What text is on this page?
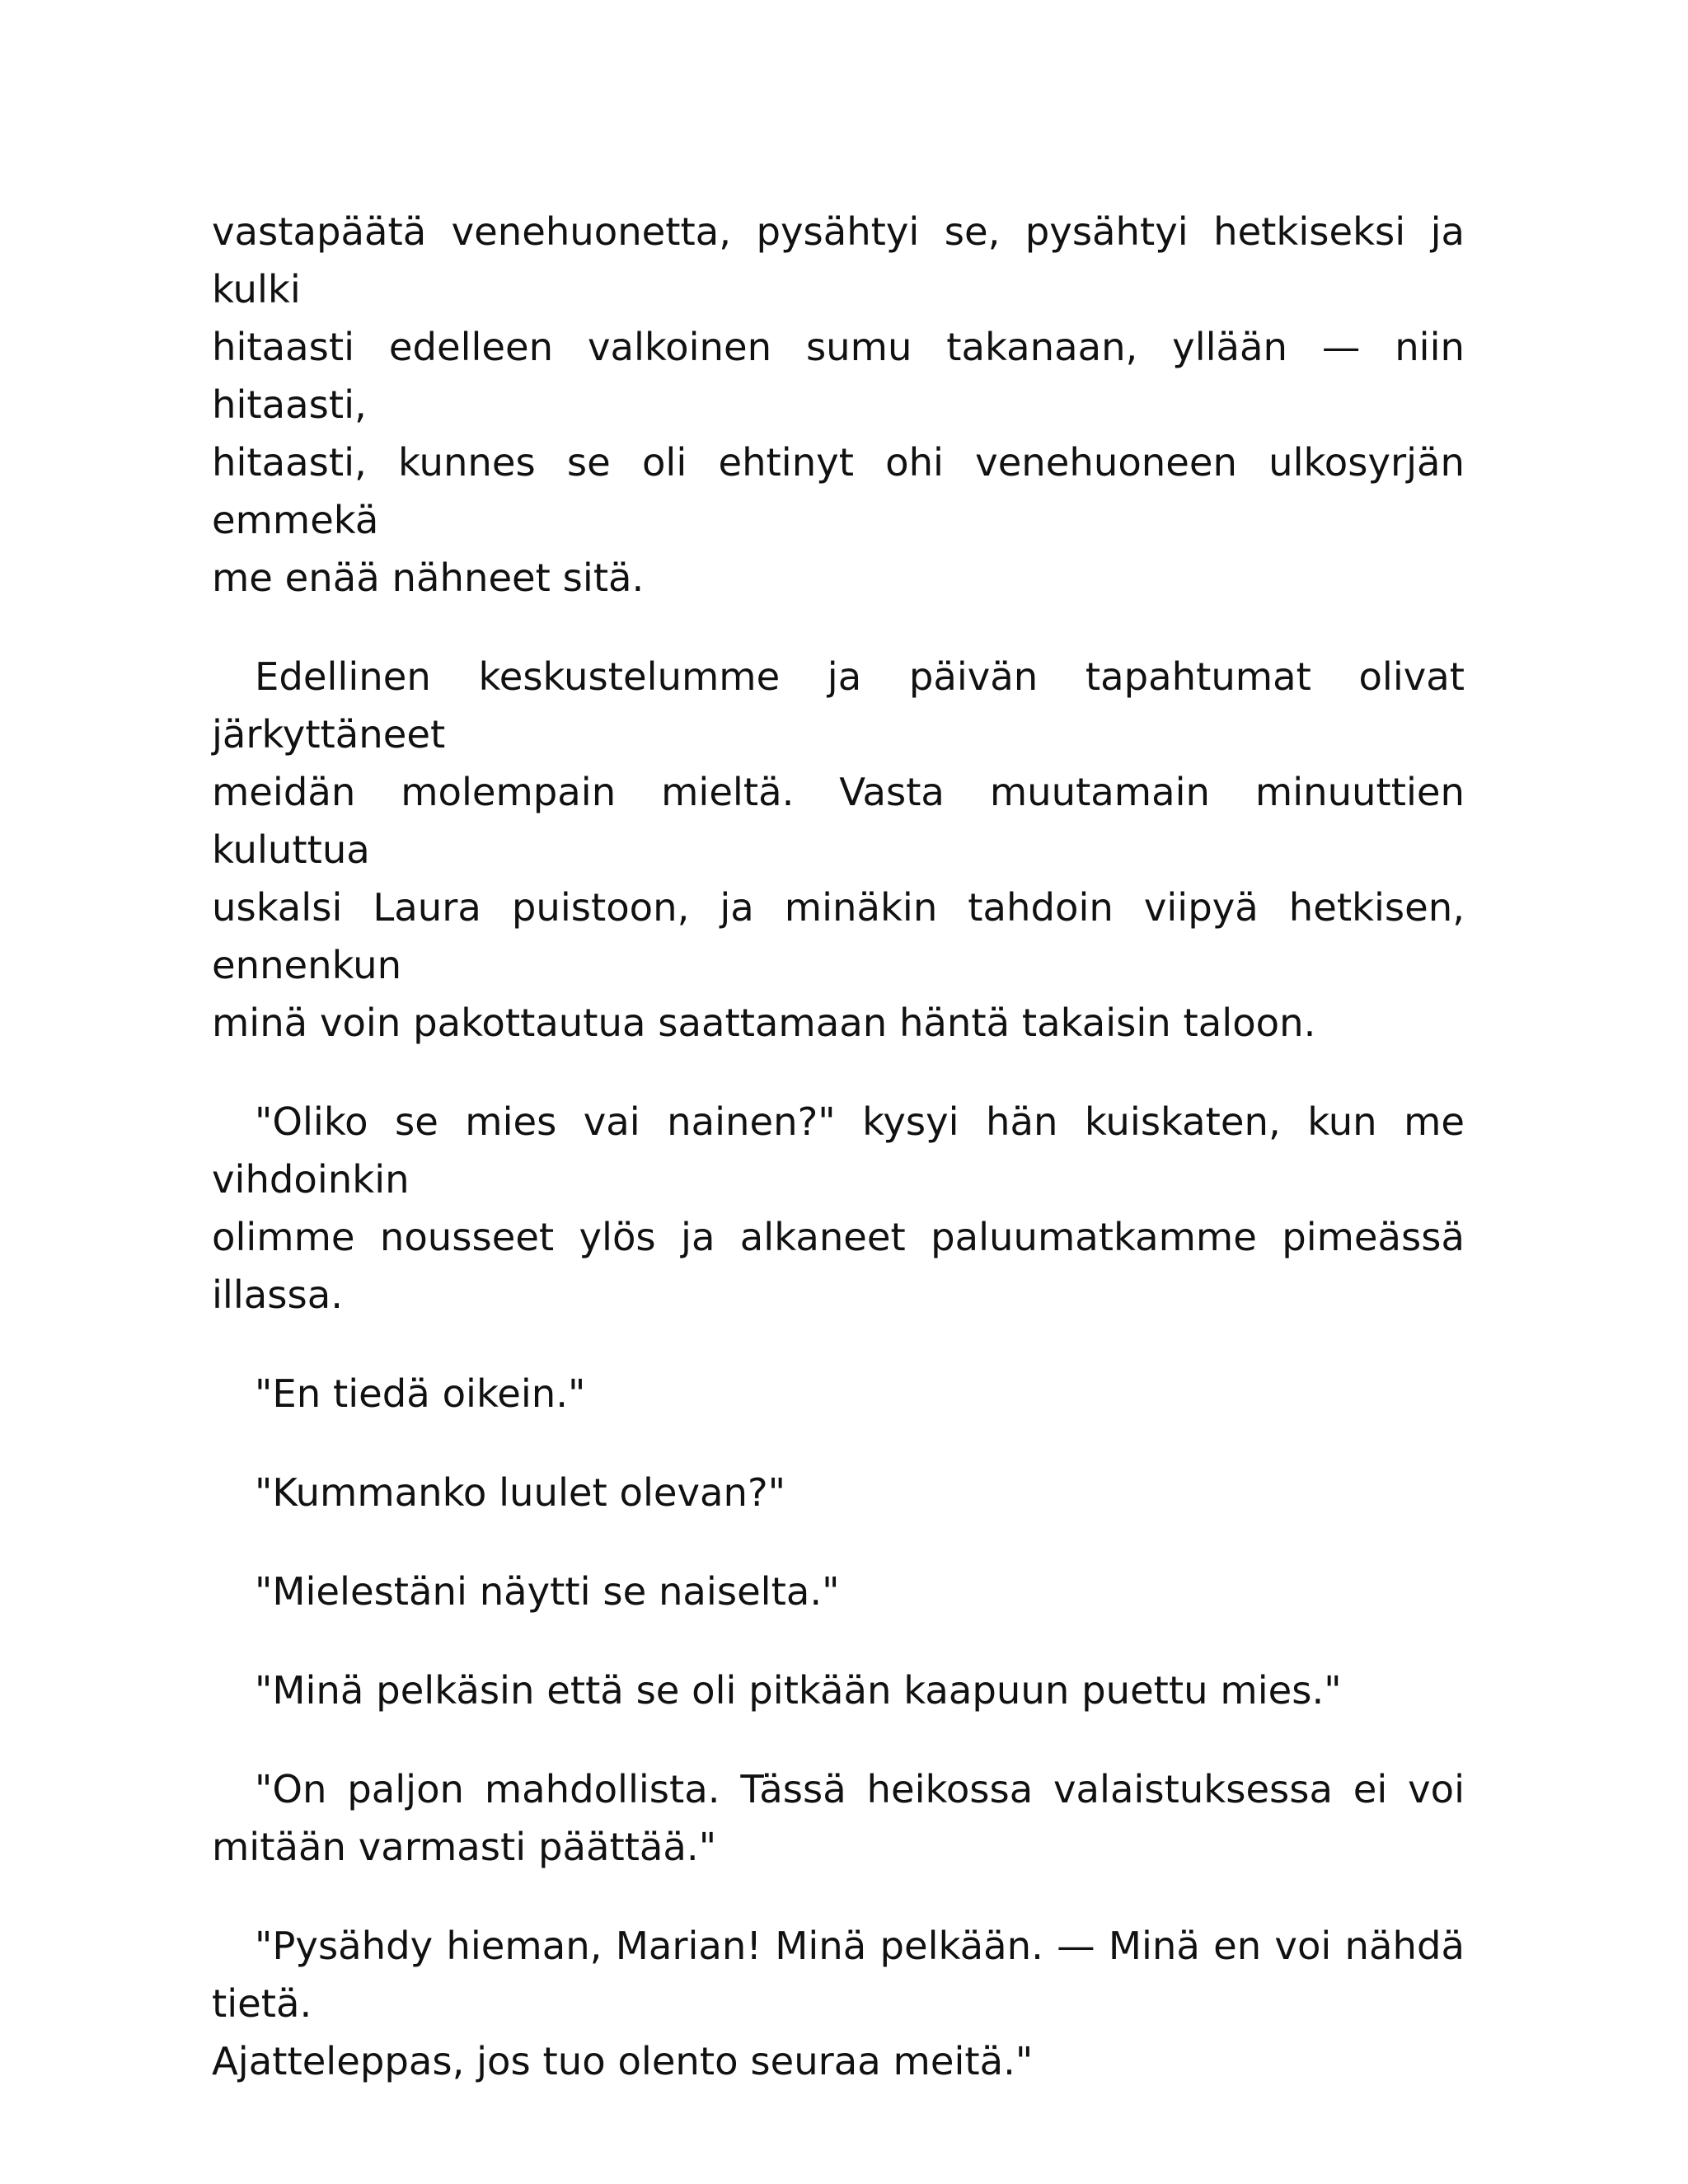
vastapäätä venehuonetta, pysähtyi se, pysähtyi hetkiseksi ja kulki
hitaasti edelleen valkoinen sumu takanaan, yllään — niin hitaasti,
hitaasti, kunnes se oli ehtinyt ohi venehuoneen ulkosyrjän emmekä
me enää nähneet sitä.

Edellinen keskustelumme ja päivän tapahtumat olivat järkyttäneet
meidän molempain mieltä. Vasta muutamain minuuttien kuluttua
uskalsi Laura puistoon, ja minäkin tahdoin viipyä hetkisen, ennenkun
minä voin pakottautua saattamaan häntä takaisin taloon.

"Oliko se mies vai nainen?" kysyi hän kuiskaten, kun me vihdoinkin
olimme nousseet ylös ja alkaneet paluumatkamme pimeässä illassa.

"En tiedä oikein."

"Kummanko luulet olevan?"

"Mielestäni näytti se naiselta."

"Minä pelkäsin että se oli pitkään kaapuun puettu mies."

"On paljon mahdollista. Tässä heikossa valaistuksessa ei voi
mitään varmasti päättää."

"Pysähdy hieman, Marian! Minä pelkään. — Minä en voi nähdä
tietä.
Ajatteleppas, jos tuo olento seuraa meitä."
